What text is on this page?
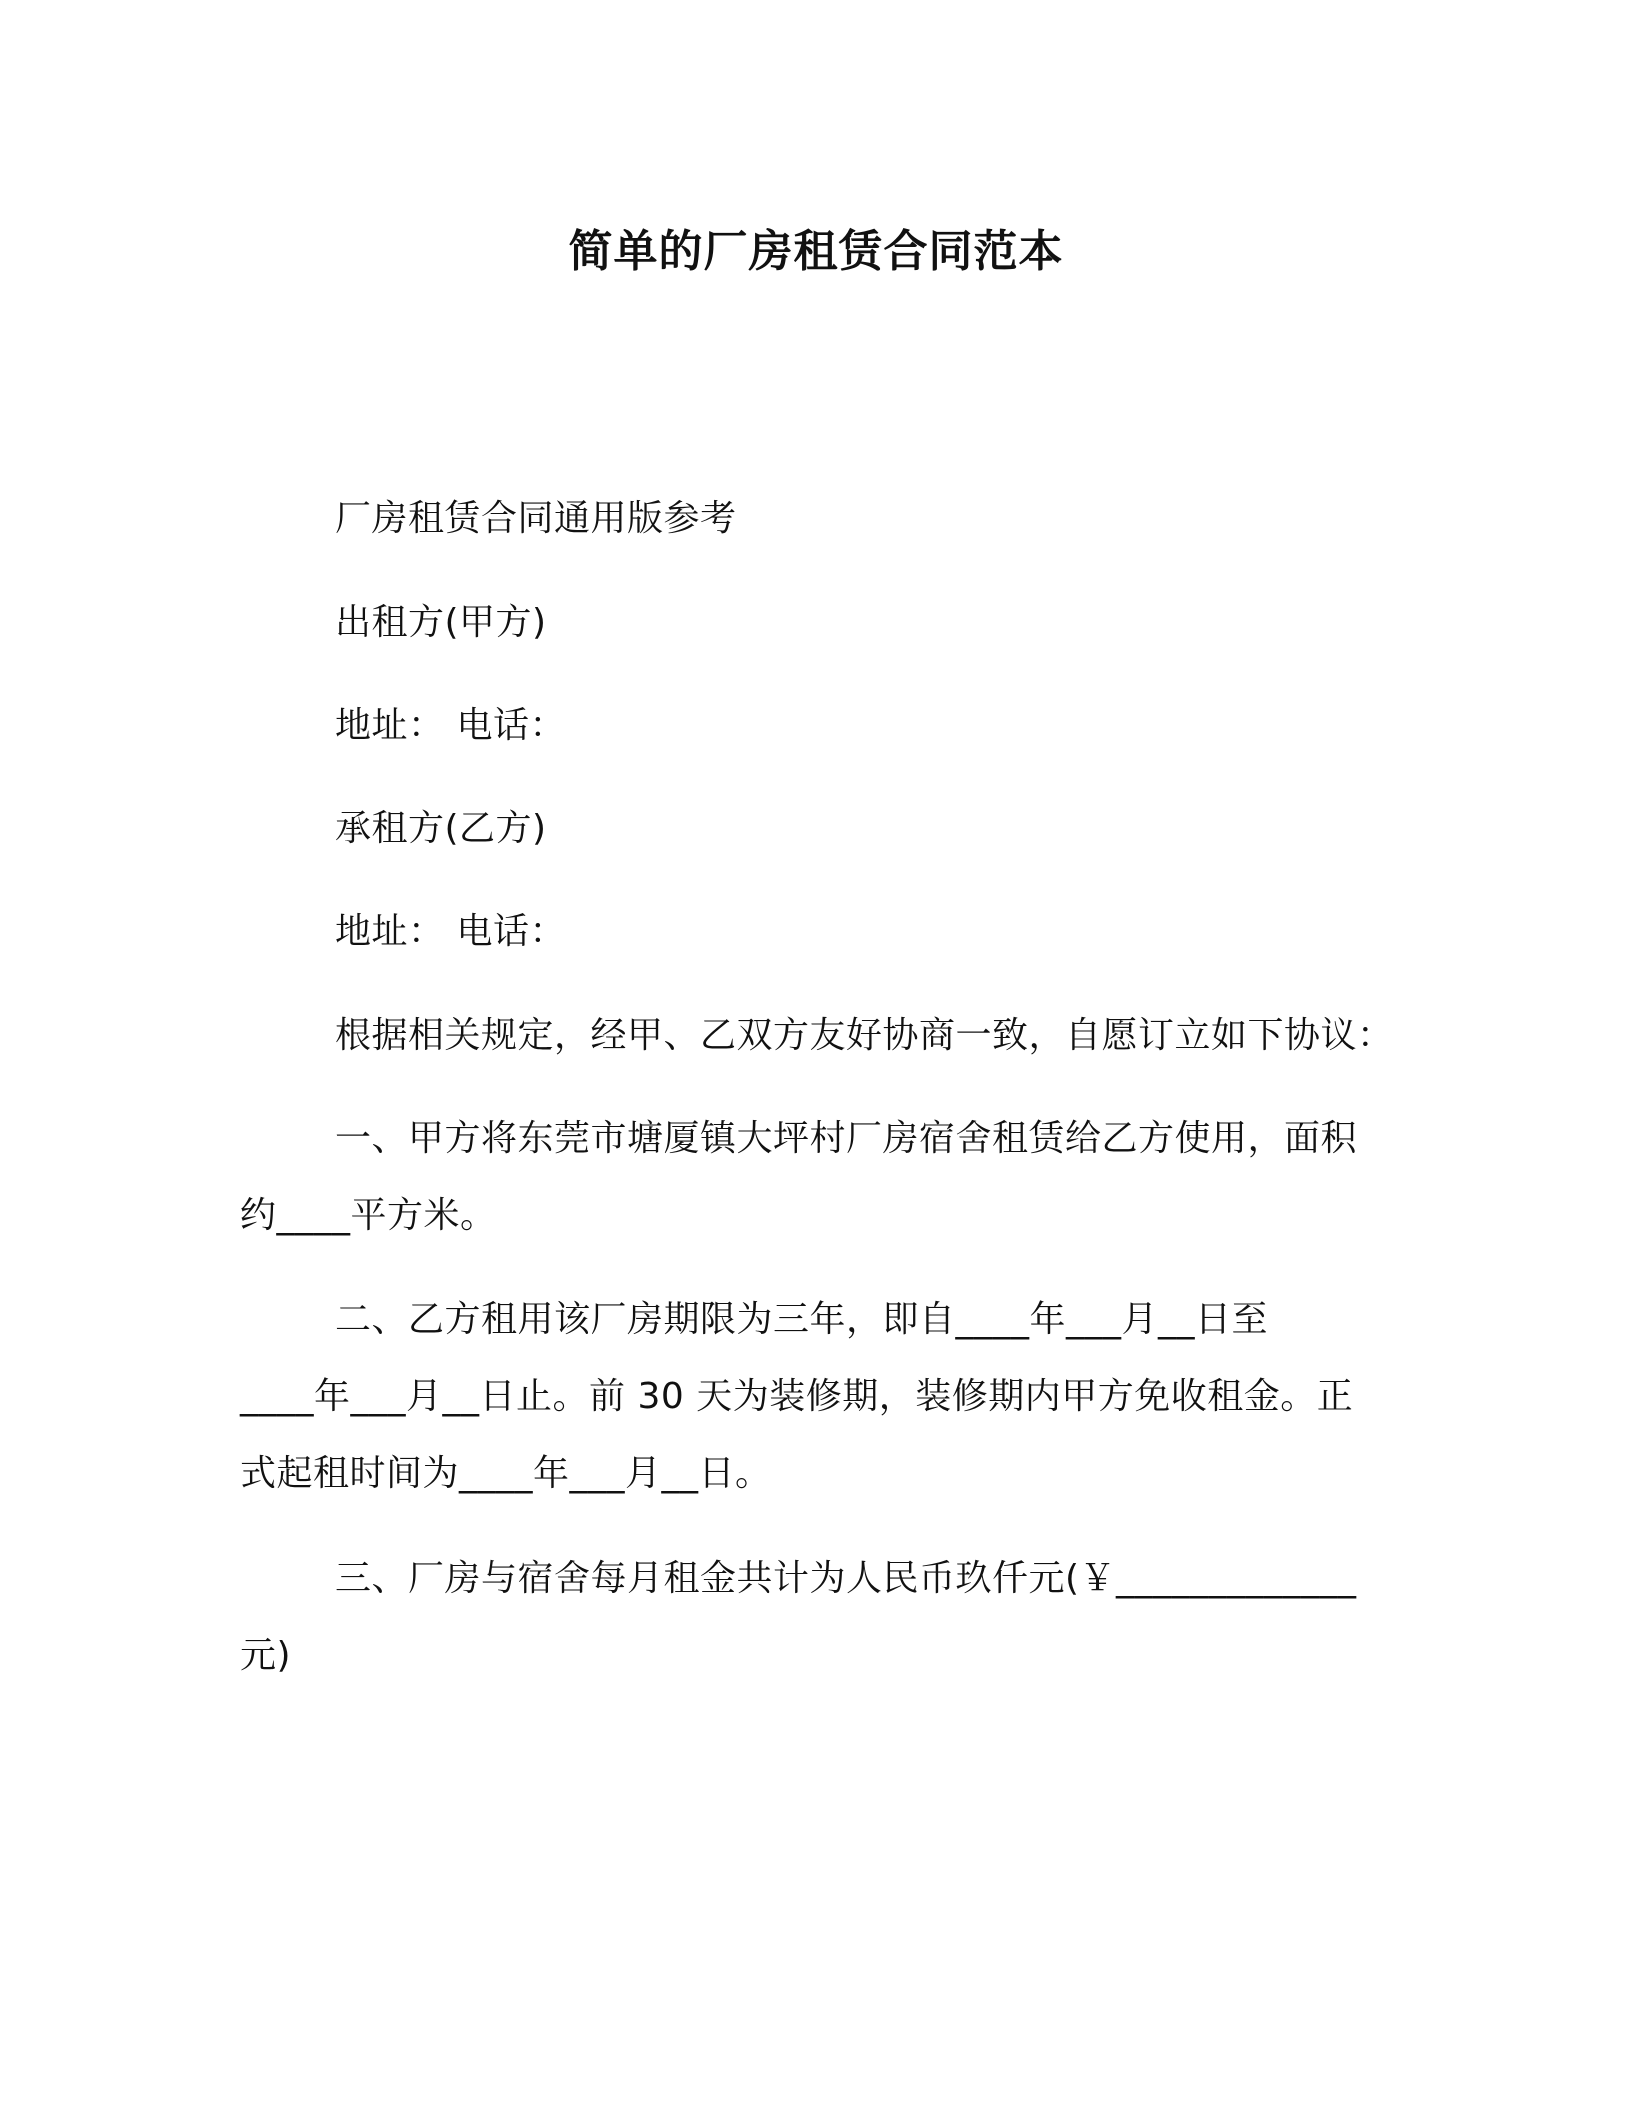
简单的厂房租赁合同范本
厂房租赁合同通用版参考
出租方(甲方)
地址： 电话：
承租方(乙方)
地址： 电话：
根据相关规定，经甲、乙双方友好协商一致，自愿订立如下协议：
一、甲方将东莞市塘厦镇大坪村厂房宿舍租赁给乙方使用，面积
约____平方米。
二、乙方租用该厂房期限为三年，即自____年___月__日至
____年___月__日止。前 30 天为装修期，装修期内甲方免收租金。正
式起租时间为____年___月__日。
三、厂房与宿舍每月租金共计为人民币玖仟元(￥_____________
元)
